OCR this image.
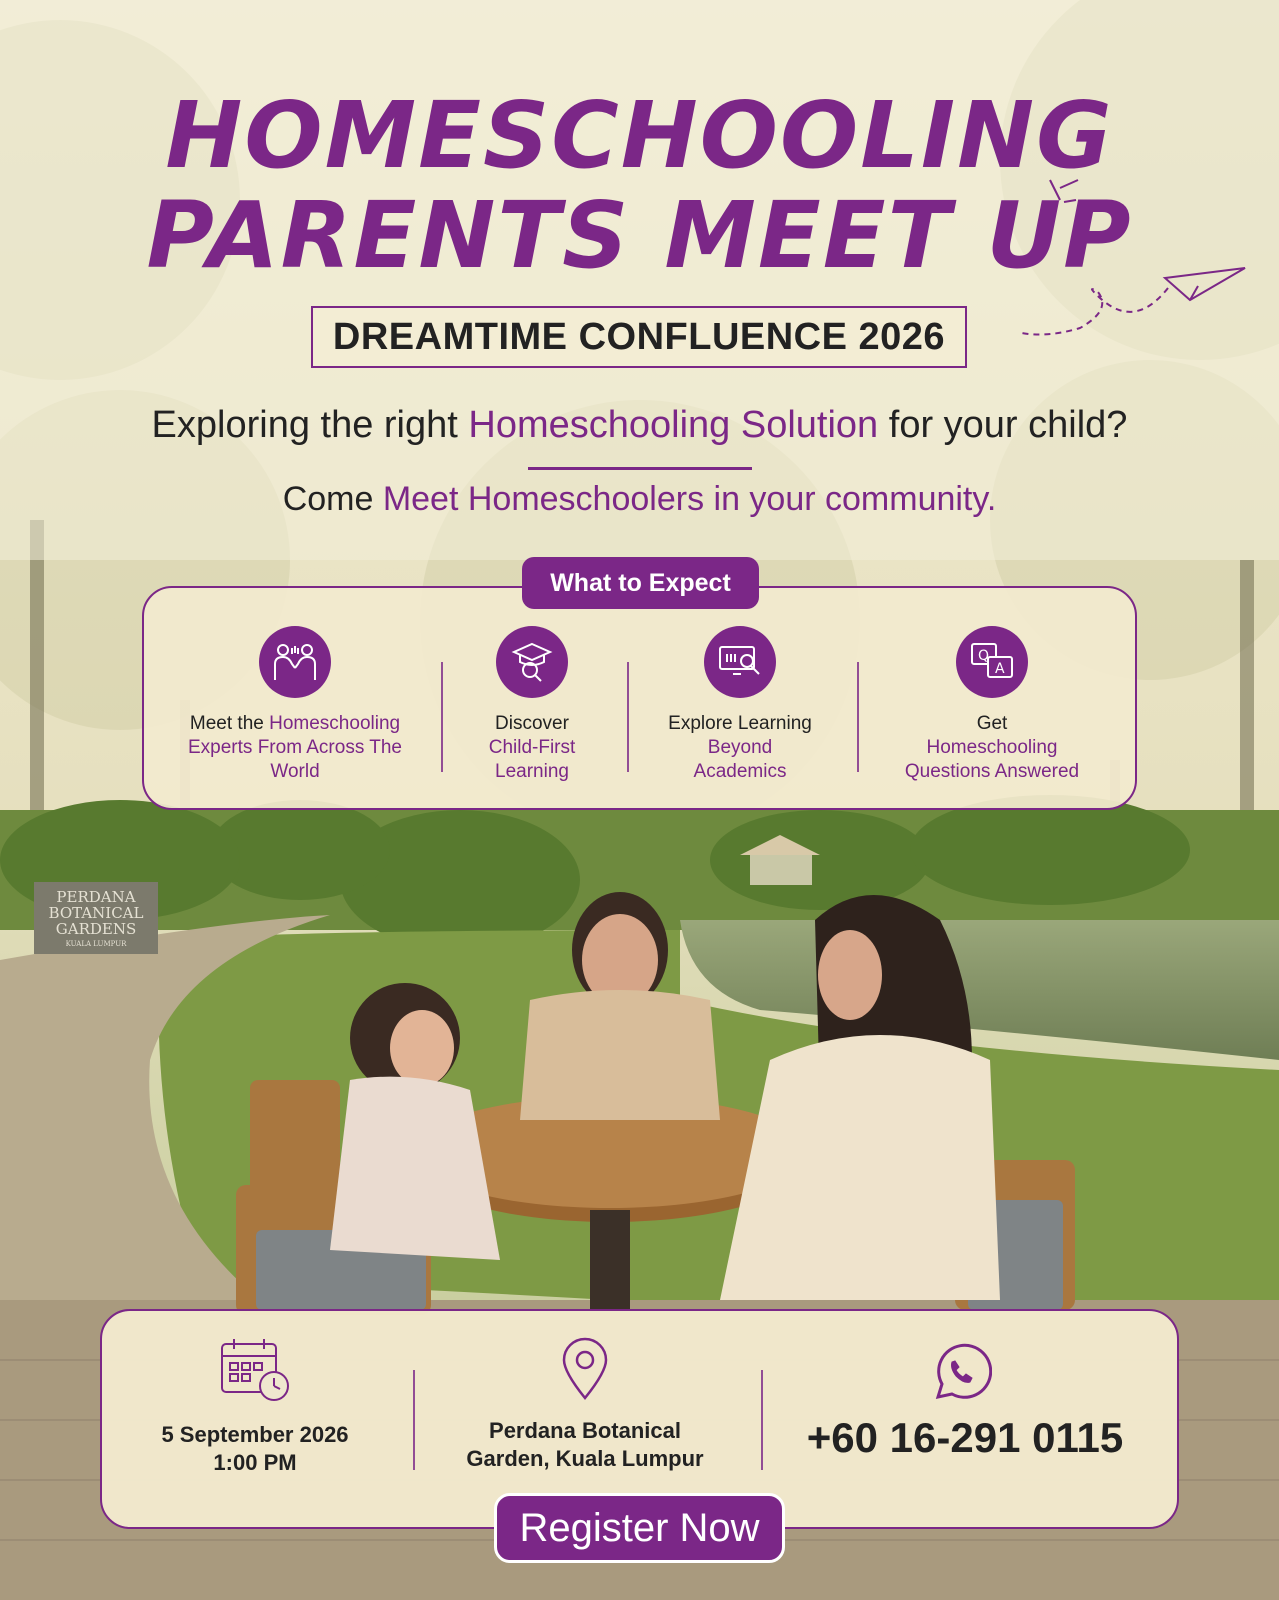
PERDANA
BOTANICAL
GARDENS
KUALA LUMPUR
HOMESCHOOLING
PARENTS MEET UP
DREAMTIME CONFLUENCE 2026
Exploring the right Homeschooling Solution for your child?
Come Meet Homeschoolers in your community.
What to Expect
Meet the Homeschooling Experts From Across The World
Discover
Child-First Learning
Explore Learning Beyond Academics
Q
A
Get
Homeschooling Questions Answered
5 September 2026
1:00 PM
Perdana Botanical
Garden, Kuala Lumpur	+60 16-291 0115
Register Now
